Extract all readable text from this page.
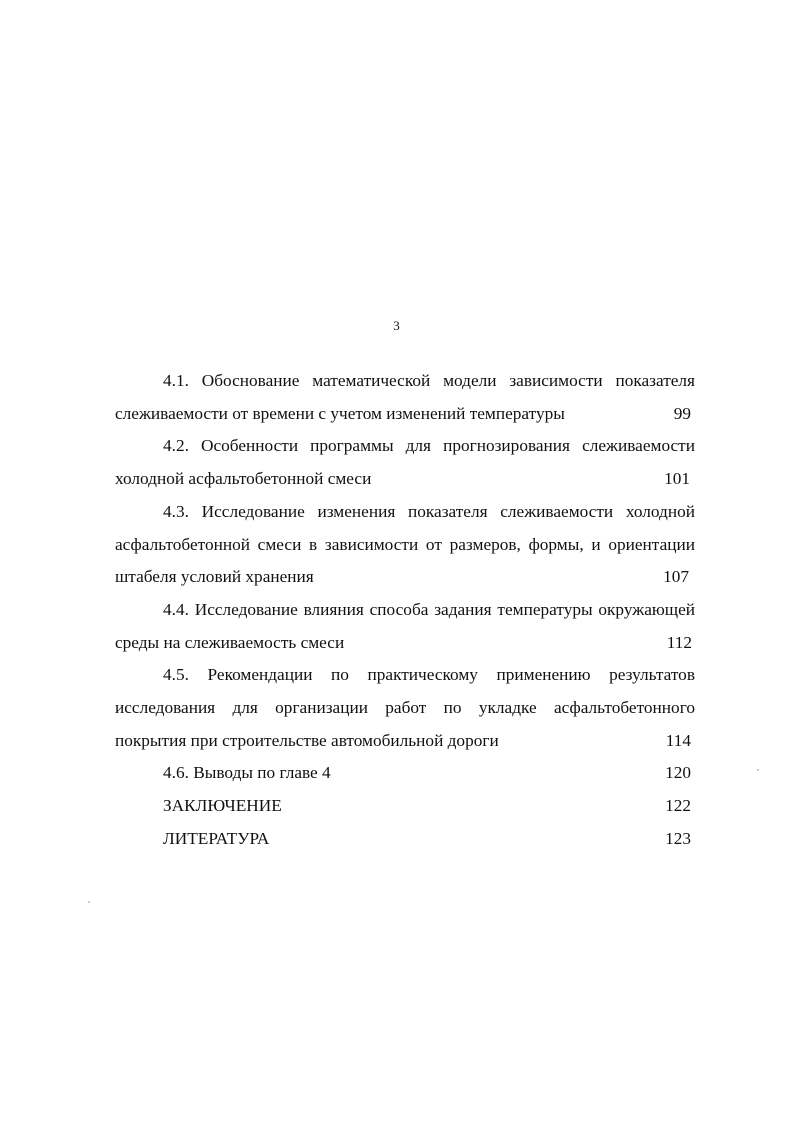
3
4.1. Обоснование математической модели зависимости показателя
слеживаемости от времени с учетом изменений температуры	99
4.2. Особенности программы для прогнозирования слеживаемости
холодной асфальтобетонной смеси	101
4.3. Исследование изменения показателя слеживаемости холодной
асфальтобетонной смеси в зависимости от размеров, формы, и ориентации
штабеля условий хранения	107
4.4. Исследование влияния способа задания температуры окружающей
среды на слеживаемость смеси	112
4.5. Рекомендации по практическому применению результатов
исследования для организации работ по укладке асфальтобетонного
покрытия при строительстве автомобильной дороги	114
4.6. Выводы по главе 4	120
ЗАКЛЮЧЕНИЕ	122
ЛИТЕРАТУРА	123
